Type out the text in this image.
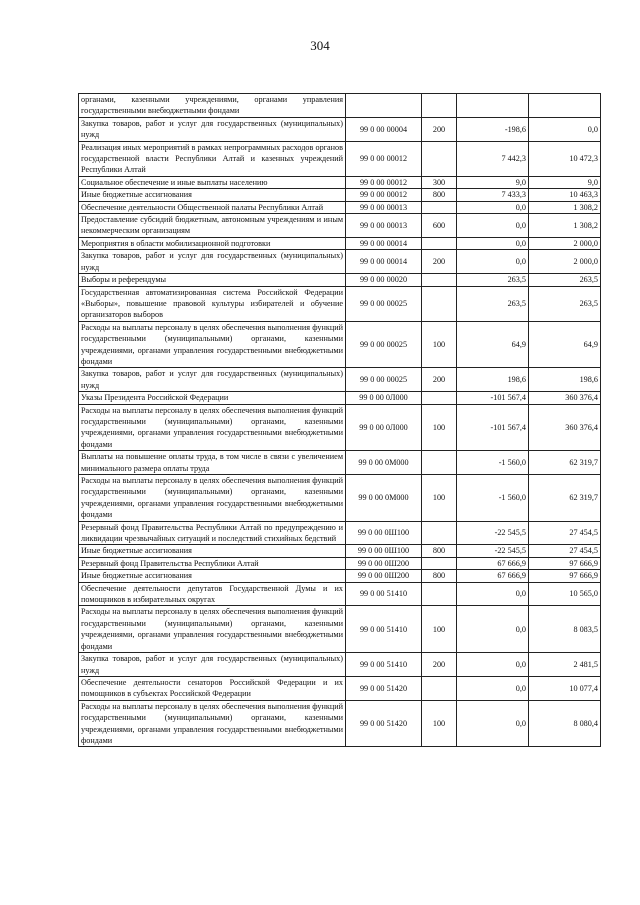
304
органами, казенными учреждениями, органами управления государственными внебюджетными фондами				
Закупка товаров, работ и услуг для государственных (муниципальных) нужд	99 0 00 00004	200	-198,6	0,0
Реализация иных мероприятий в рамках непрограммных расходов органов государственной власти Республики Алтай и казенных учреждений Республики Алтай	99 0 00 00012		7 442,3	10 472,3
Социальное обеспечение и иные выплаты населению	99 0 00 00012	300	9,0	9,0
Иные бюджетные ассигнования	99 0 00 00012	800	7 433,3	10 463,3
Обеспечение деятельности Общественной палаты Республики Алтай	99 0 00 00013		0,0	1 308,2
Предоставление субсидий бюджетным, автономным учреждениям и иным некоммерческим организациям	99 0 00 00013	600	0,0	1 308,2
Мероприятия в области мобилизационной подготовки	99 0 00 00014		0,0	2 000,0
Закупка товаров, работ и услуг для государственных (муниципальных) нужд	99 0 00 00014	200	0,0	2 000,0
Выборы и референдумы	99 0 00 00020		263,5	263,5
Государственная автоматизированная система Российской Федерации «Выборы», повышение правовой культуры избирателей и обучение организаторов выборов	99 0 00 00025		263,5	263,5
Расходы на выплаты персоналу в целях обеспечения выполнения функций государственными (муниципальными) органами, казенными учреждениями, органами управления государственными внебюджетными фондами	99 0 00 00025	100	64,9	64,9
Закупка товаров, работ и услуг для государственных (муниципальных) нужд	99 0 00 00025	200	198,6	198,6
Указы Президента Российской Федерации	99 0 00 0Л000		-101 567,4	360 376,4
Расходы на выплаты персоналу в целях обеспечения выполнения функций государственными (муниципальными) органами, казенными учреждениями, органами управления государственными внебюджетными фондами	99 0 00 0Л000	100	-101 567,4	360 376,4
Выплаты на повышение оплаты труда, в том числе в связи с увеличением минимального размера оплаты труда	99 0 00 0М000		-1 560,0	62 319,7
Расходы на выплаты персоналу в целях обеспечения выполнения функций государственными (муниципальными) органами, казенными учреждениями, органами управления государственными внебюджетными фондами	99 0 00 0М000	100	-1 560,0	62 319,7
Резервный фонд Правительства Республики Алтай по предупреждению и ликвидации чрезвычайных ситуаций и последствий стихийных бедствий	99 0 00 0Ш100		-22 545,5	27 454,5
Иные бюджетные ассигнования	99 0 00 0Ш100	800	-22 545,5	27 454,5
Резервный фонд Правительства Республики Алтай	99 0 00 0Ш200		67 666,9	97 666,9
Иные бюджетные ассигнования	99 0 00 0Ш200	800	67 666,9	97 666,9
Обеспечение деятельности депутатов Государственной Думы и их помощников в избирательных округах	99 0 00 51410		0,0	10 565,0
Расходы на выплаты персоналу в целях обеспечения выполнения функций государственными (муниципальными) органами, казенными учреждениями, органами управления государственными внебюджетными фондами	99 0 00 51410	100	0,0	8 083,5
Закупка товаров, работ и услуг для государственных (муниципальных) нужд	99 0 00 51410	200	0,0	2 481,5
Обеспечение деятельности сенаторов Российской Федерации и их помощников в субъектах Российской Федерации	99 0 00 51420		0,0	10 077,4
Расходы на выплаты персоналу в целях обеспечения выполнения функций государственными (муниципальными) органами, казенными учреждениями, органами управления государственными внебюджетными фондами	99 0 00 51420	100	0,0	8 080,4
